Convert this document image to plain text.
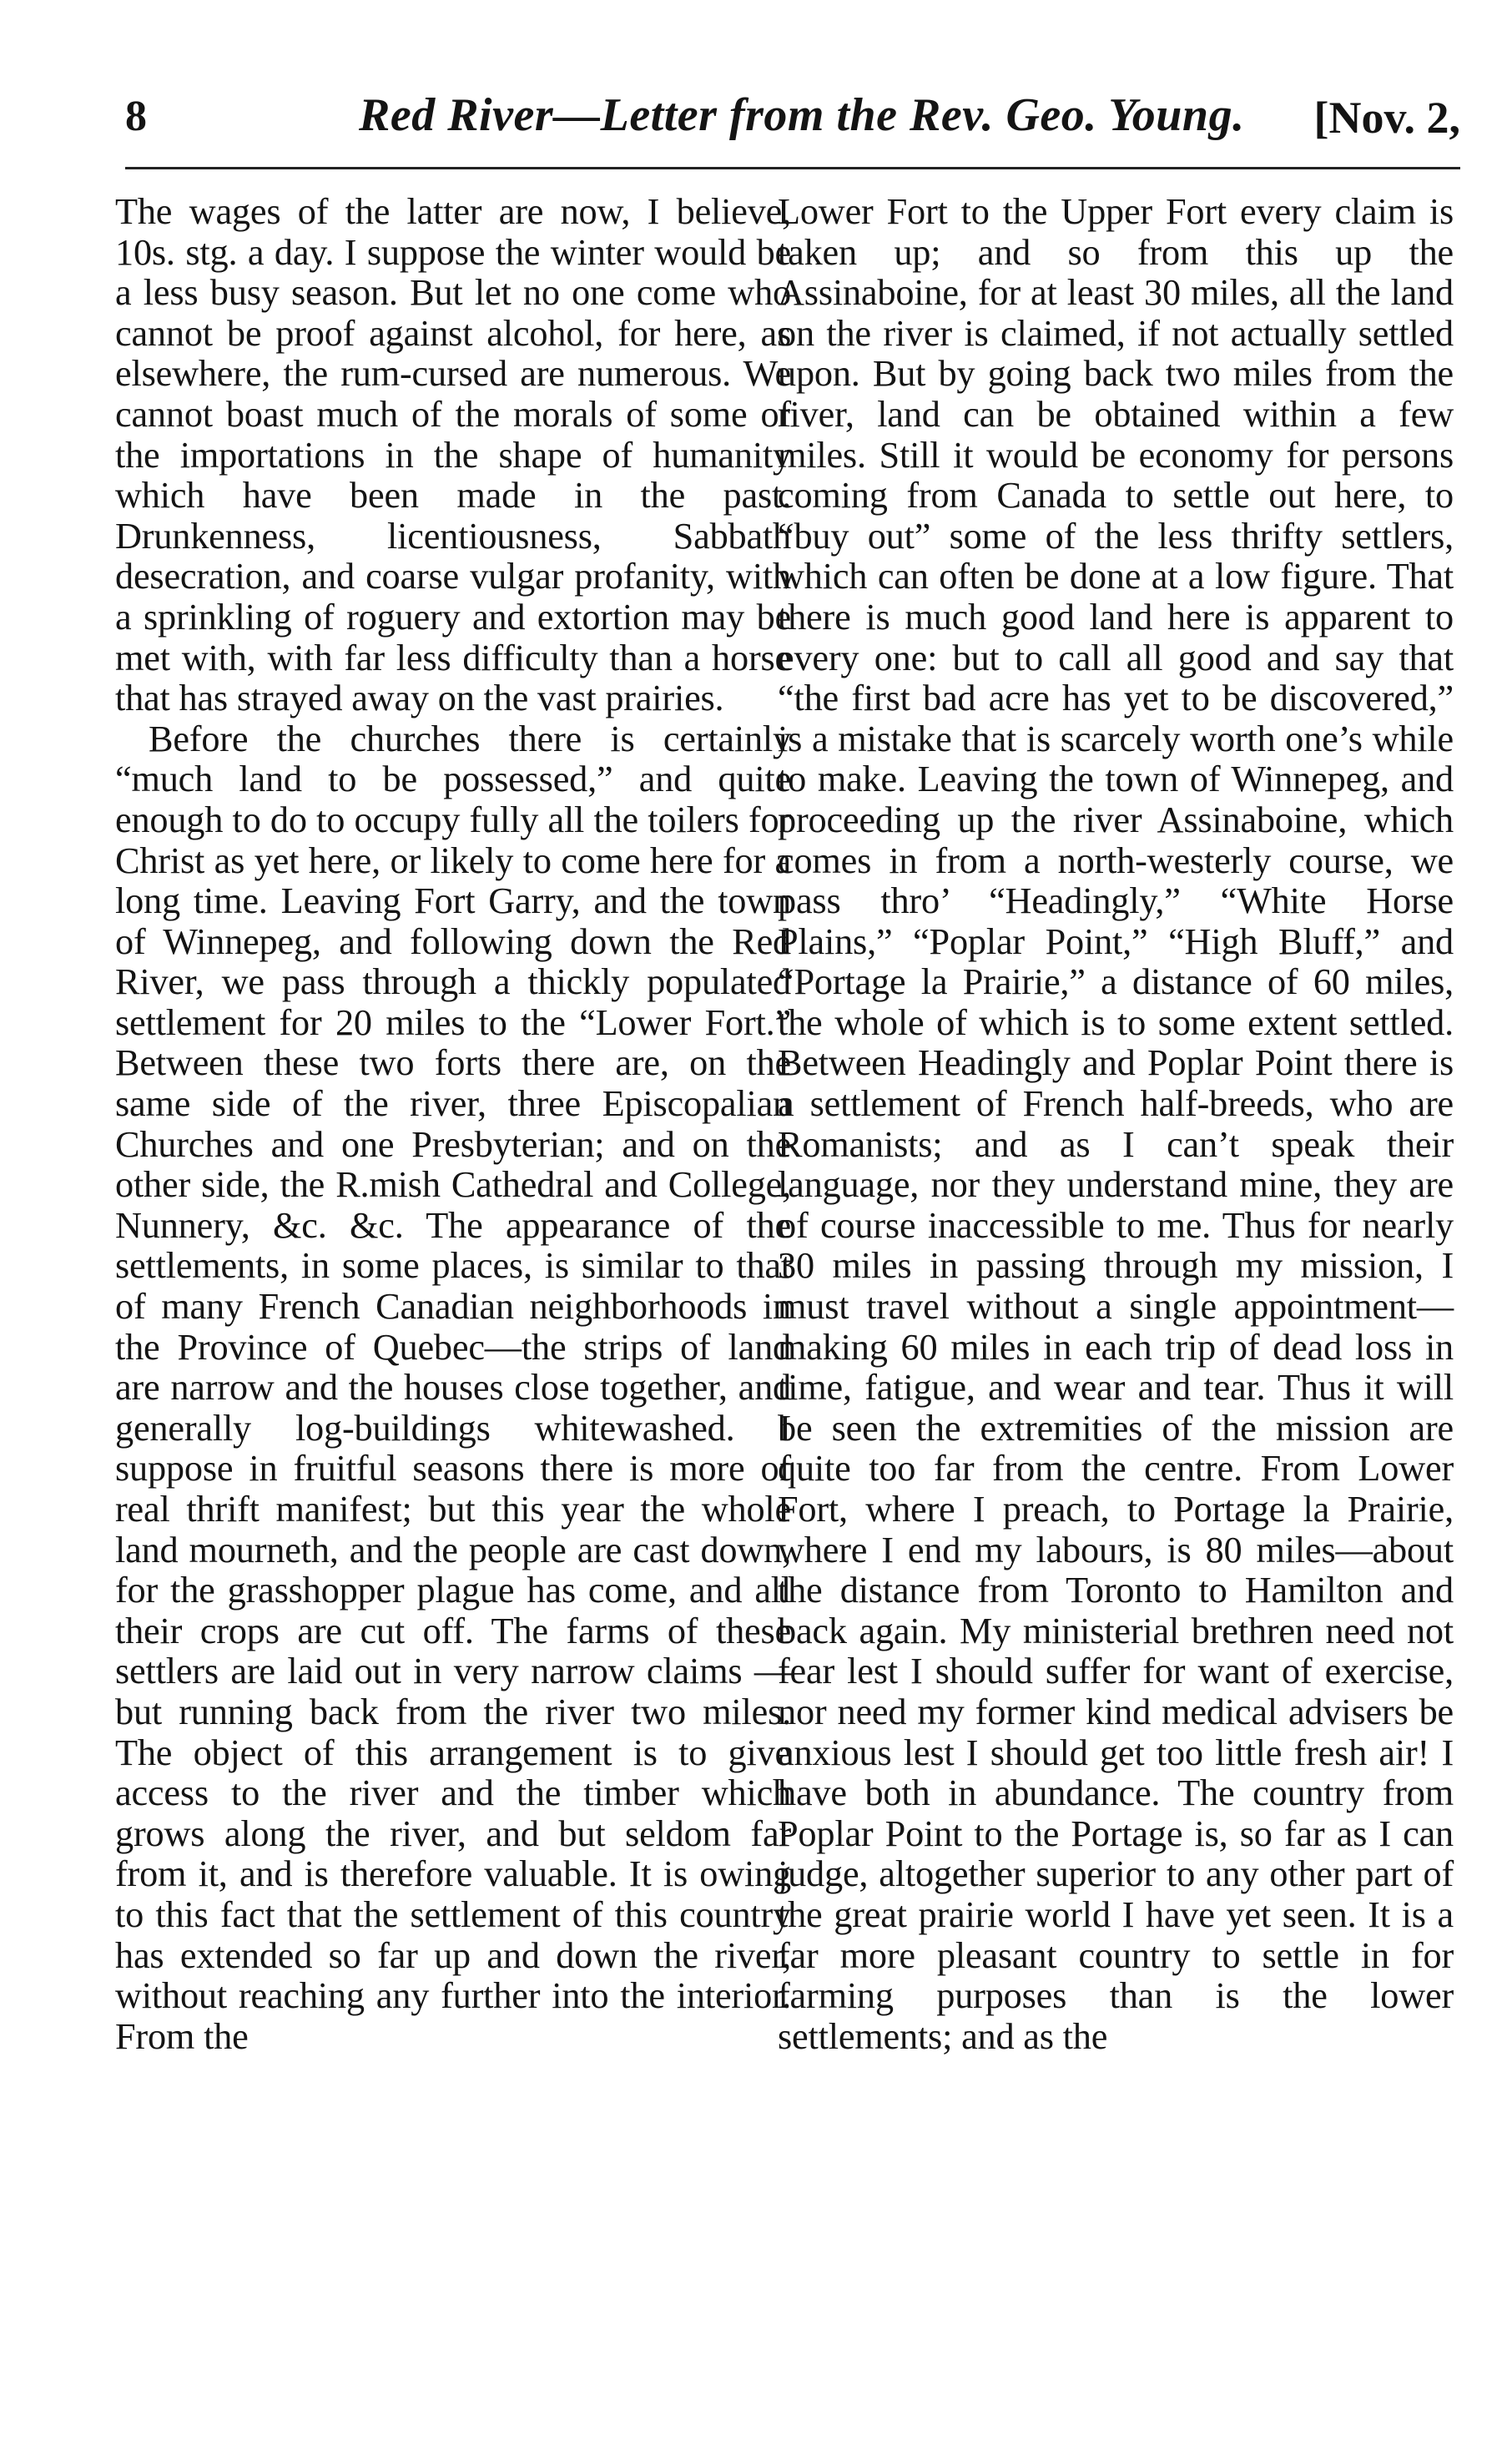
8	Red River—Letter from the Rev. Geo. Young. [Nov. 2,

The wages of the latter are now, I believe, 10s. stg. a day. I suppose the winter would be a less busy season. But let no one come who cannot be proof against alcohol, for here, as elsewhere, the rum-cursed are numerous. We cannot boast much of the morals of some of the importations in the shape of humanity which have been made in the past. Drunkenness, licentiousness, Sabbath desecration, and coarse vulgar profanity, with a sprinkling of roguery and extortion may be met with, with far less difficulty than a horse that has strayed away on the vast prairies.

Before the churches there is certainly “much land to be possessed,” and quite enough to do to occupy fully all the toilers for Christ as yet here, or likely to come here for a long time. Leaving Fort Garry, and the town of Winnepeg, and following down the Red River, we pass through a thickly populated settlement for 20 miles to the “Lower Fort.” Between these two forts there are, on the same side of the river, three Episcopalian Churches and one Presbyterian; and on the other side, the R.mish Cathedral and College, Nunnery, &c. &c. The appearance of the settlements, in some places, is similar to that of many French Canadian neighborhoods in the Province of Quebec—the strips of land are narrow and the houses close together, and generally log-buildings whitewashed. I suppose in fruitful seasons there is more of real thrift manifest; but this year the whole land mourneth, and the people are cast down, for the grasshopper plague has come, and all their crops are cut off. The farms of these settlers are laid out in very narrow claims —but running back from the river two miles. The object of this arrangement is to give access to the river and the timber which grows along the river, and but seldom far from it, and is therefore valuable. It is owing to this fact that the settlement of this country has extended so far up and down the river, without reaching any further into the interior. From the

Lower Fort to the Upper Fort every claim is taken up; and so from this up the Assinaboine, for at least 30 miles, all the land on the river is claimed, if not actually settled upon. But by going back two miles from the river, land can be obtained within a few miles. Still it would be economy for persons coming from Canada to settle out here, to “buy out” some of the less thrifty settlers, which can often be done at a low figure. That there is much good land here is apparent to every one: but to call all good and say that “the first bad acre has yet to be discovered,” is a mistake that is scarcely worth one’s while to make. Leaving the town of Winnepeg, and proceeding up the river Assinaboine, which comes in from a north-westerly course, we pass thro’ “Headingly,” “White Horse Plains,” “Poplar Point,” “High Bluff,” and “Portage la Prairie,” a distance of 60 miles, the whole of which is to some extent settled. Between Headingly and Poplar Point there is a settlement of French half-breeds, who are Romanists; and as I can’t speak their language, nor they understand mine, they are of course inaccessible to me. Thus for nearly 30 miles in passing through my mission, I must travel without a single appointment—making 60 miles in each trip of dead loss in time, fatigue, and wear and tear. Thus it will be seen the extremities of the mission are quite too far from the centre. From Lower Fort, where I preach, to Portage la Prairie, where I end my labours, is 80 miles—about the distance from Toronto to Hamilton and back again. My ministerial brethren need not fear lest I should suffer for want of exercise, nor need my former kind medical advisers be anxious lest I should get too little fresh air! I have both in abundance. The country from Poplar Point to the Portage is, so far as I can judge, altogether superior to any other part of the great prairie world I have yet seen. It is a far more pleasant country to settle in for farming purposes than is the lower settlements; and as the
